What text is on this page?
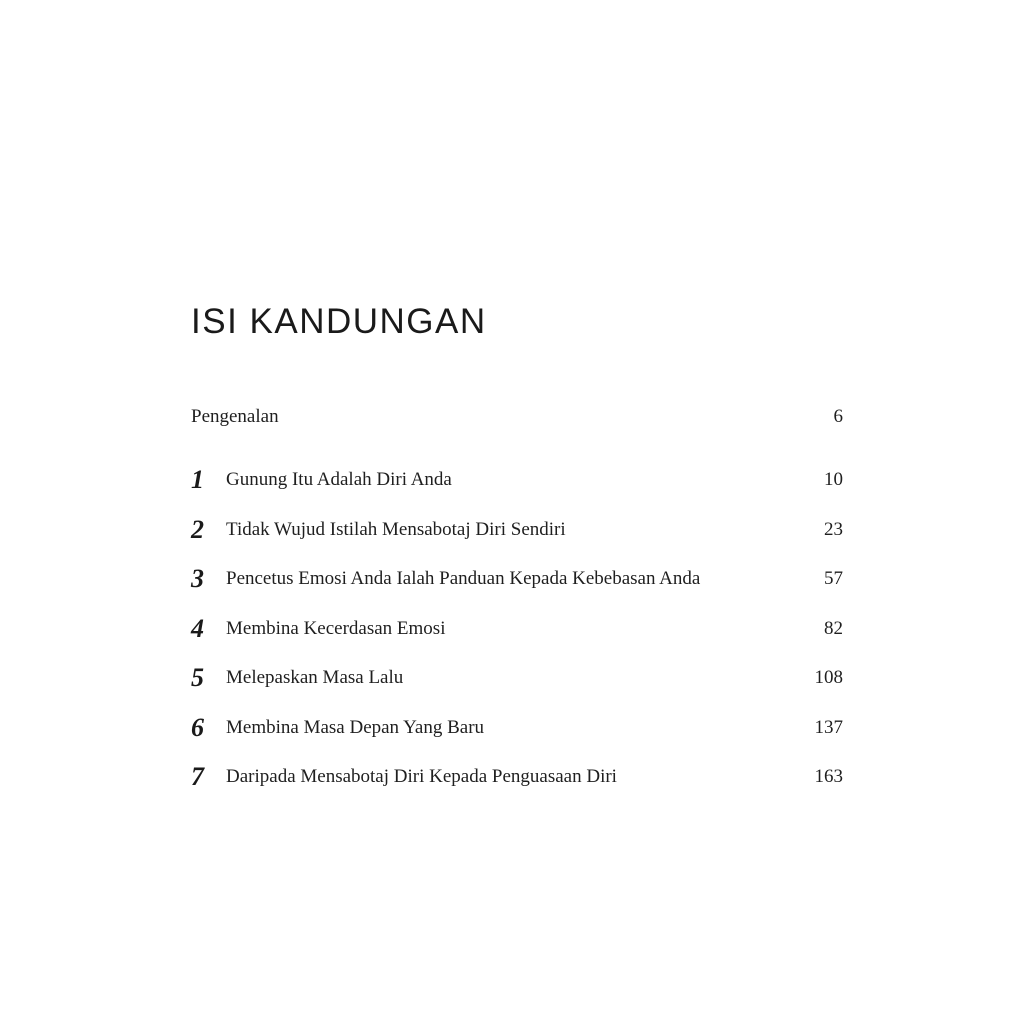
ISI KANDUNGAN
Pengenalan	6
1	Gunung Itu Adalah Diri Anda	10
2	Tidak Wujud Istilah Mensabotaj Diri Sendiri	23
3	Pencetus Emosi Anda Ialah Panduan Kepada Kebebasan Anda	57
4	Membina Kecerdasan Emosi	82
5	Melepaskan Masa Lalu	108
6	Membina Masa Depan Yang Baru	137
7	Daripada Mensabotaj Diri Kepada Penguasaan Diri	163
